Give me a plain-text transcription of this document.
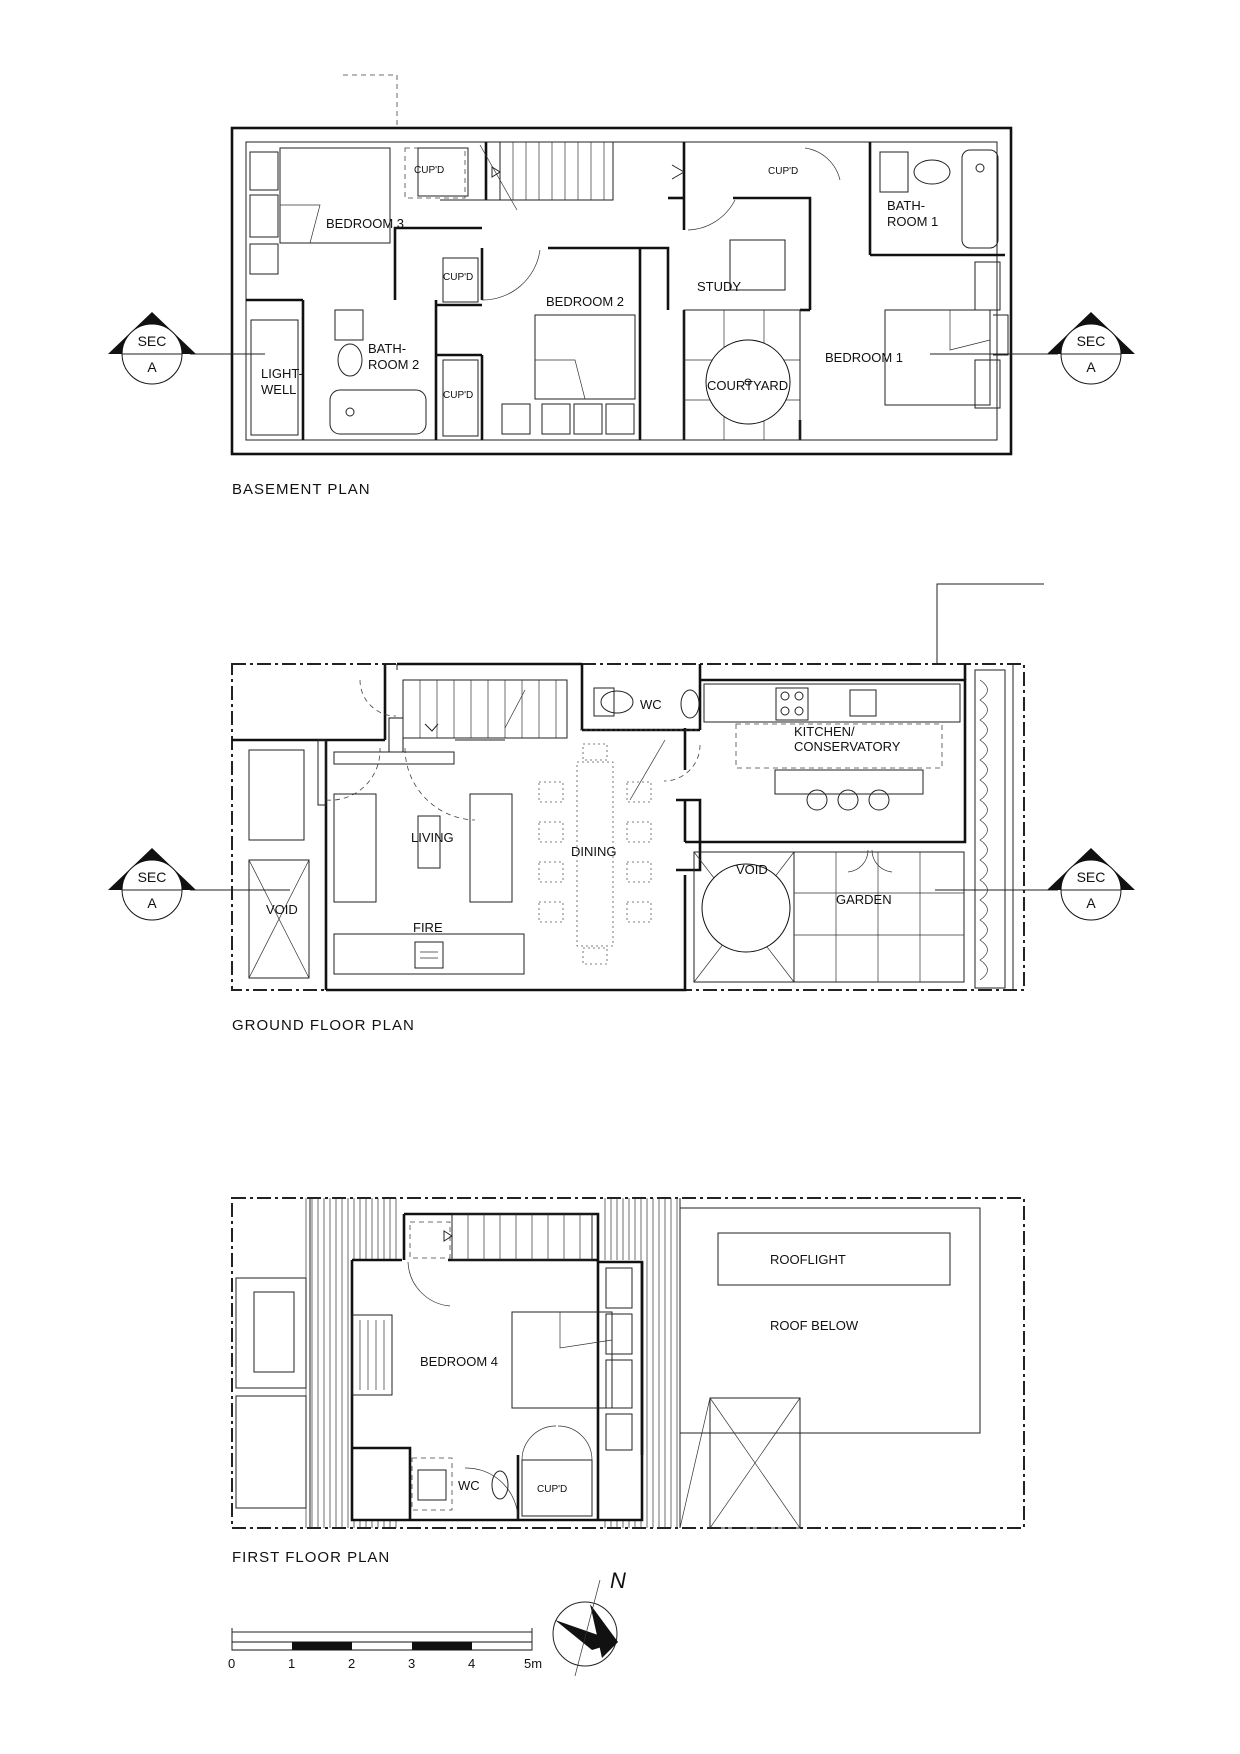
BEDROOM 3
BEDROOM 2
BEDROOM 1
STUDY
COURTYARD
LIGHT-
WELL
BATH-
ROOM 1
BATH-
ROOM 2
CUP'D
CUP'D
CUP'D
CUP'D
BASEMENT PLAN
SEC
A
SEC
A
LIVING
DINING
FIRE
WC
KITCHEN/
CONSERVATORY
VOID
VOID
GARDEN
GROUND FLOOR PLAN
SEC
A
SEC
A
BEDROOM 4
WC	CUP'D
ROOFLIGHT
ROOF BELOW
FIRST FLOOR PLAN
N
0	1	2	3	4	5m
